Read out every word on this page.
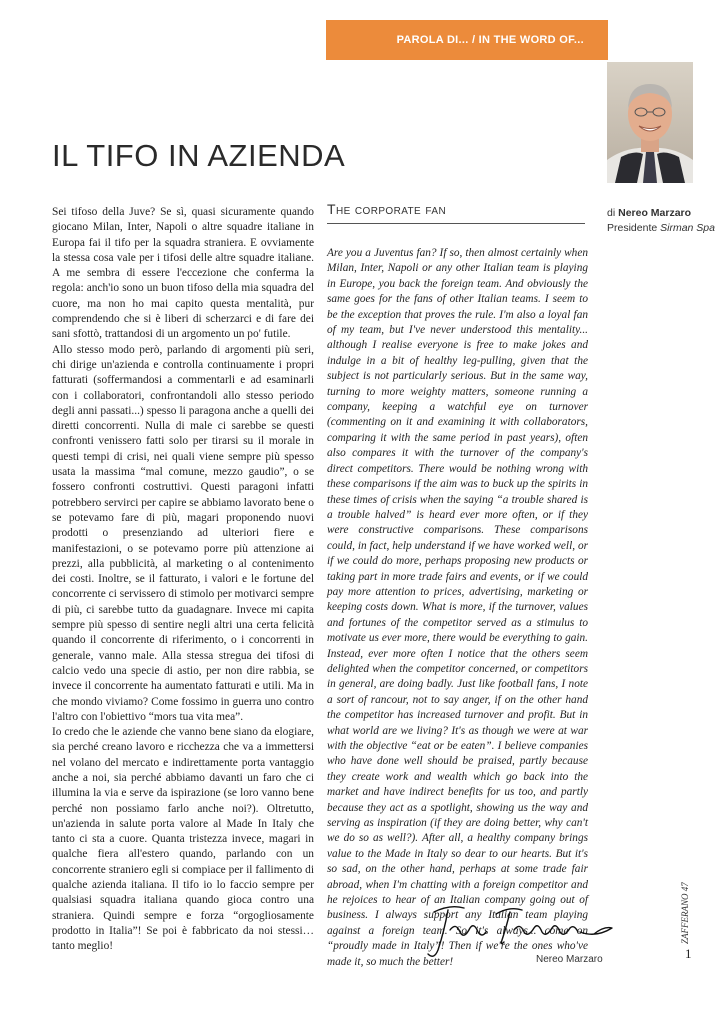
PAROLA DI... / IN THE WORD OF...
IL TIFO IN AZIENDA

Sei tifoso della Juve? Se sì, quasi sicuramente quando giocano Milan, Inter, Napoli o altre squadre italiane in Europa fai il tifo per la squadra straniera. E ovviamente la stessa cosa vale per i tifosi delle altre squadre italiane. A me sembra di essere l'eccezione che conferma la regola: anch'io sono un buon tifoso della mia squadra del cuore, ma non ho mai capito questa mentalità, pur comprendendo che si è liberi di scherzarci e di fare dei sani sfottò, trattandosi di un argomento un po' futile.

Allo stesso modo però, parlando di argomenti più seri, chi dirige un'azienda e controlla continuamente i propri fatturati (soffermandosi a commentarli e ad esaminarli con i collaboratori, confrontandoli allo stesso periodo degli anni passati...) spesso li paragona anche a quelli dei diretti concorrenti. Nulla di male ci sarebbe se questi confronti venissero fatti solo per tirarsi su il morale in questi tempi di crisi, nei quali viene sempre più spesso usata la massima “mal comune, mezzo gaudio”, o se fossero confronti costruttivi. Questi paragoni infatti potrebbero servirci per capire se abbiamo lavorato bene o se potevamo fare di più, magari proponendo nuovi prodotti o presenziando ad ulteriori fiere e manifestazioni, o se potevamo porre più attenzione ai prezzi, alla pubblicità, al marketing o al contenimento dei costi. Inoltre, se il fatturato, i valori e le fortune del concorrente ci servissero di stimolo per motivarci sempre di più, ci sarebbe tutto da guadagnare. Invece mi capita sempre più spesso di sentire negli altri una certa felicità quando il concorrente di riferimento, o i concorrenti in generale, vanno male. Alla stessa stregua dei tifosi di calcio vedo una specie di astio, per non dire rabbia, se invece il concorrente ha aumentato fatturati e utili. Ma in che mondo viviamo? Come fossimo in guerra uno contro l'altro con l'obiettivo “mors tua vita mea”.

Io credo che le aziende che vanno bene siano da elogiare, sia perché creano lavoro e ricchezza che va a immettersi nel volano del mercato e indirettamente porta vantaggio anche a noi, sia perché abbiamo davanti un faro che ci illumina la via e serve da ispirazione (se loro vanno bene perché non possiamo farlo anche noi?). Oltretutto, un'azienda in salute porta valore al Made In Italy che tanto ci sta a cuore. Quanta tristezza invece, magari in qualche fiera all'estero quando, parlando con un concorrente straniero egli si compiace per il fallimento di qualche azienda italiana. Il tifo io lo faccio sempre per qualsiasi squadra italiana quando gioca contro una straniera. Quindi sempre e forza “orgogliosamente prodotto in Italia”! Se poi è fabbricato da noi stessi… tanto meglio!

The corporate fan

Are you a Juventus fan? If so, then almost certainly when Milan, Inter, Napoli or any other Italian team is playing in Europe, you back the foreign team. And obviously the same goes for the fans of other Italian teams. I seem to be the exception that proves the rule. I'm also a loyal fan of my team, but I've never understood this mentality... although I realise everyone is free to make jokes and indulge in a bit of healthy leg-pulling, given that the subject is not particularly serious. But in the same way, turning to more weighty matters, someone running a company, keeping a watchful eye on turnover (commenting on it and examining it with collaborators, comparing it with the same period in past years), often also compares it with the turnover of the company's direct competitors. There would be nothing wrong with these comparisons if the aim was to buck up the spirits in these times of crisis when the saying “a trouble shared is a trouble halved” is heard ever more often, or if they were constructive comparisons. These comparisons could, in fact, help understand if we have worked well, or if we could do more, perhaps proposing new products or taking part in more trade fairs and events, or if we could pay more attention to prices, advertising, marketing or keeping costs down. What is more, if the turnover, values and fortunes of the competitor served as a stimulus to motivate us ever more, there would be everything to gain. Instead, ever more often I notice that the others seem delighted when the competitor concerned, or competitors in general, are doing badly. Just like football fans, I note a sort of rancour, not to say anger, if on the other hand the competitor has increased turnover and profit. But in what world are we living? It's as though we were at war with the objective “eat or be eaten”. I believe companies who have done well should be praised, partly because they create work and wealth which go back into the market and have indirect benefits for us too, and partly because they act as a spotlight, showing us the way and serving as inspiration (if they are doing better, why can't we do so as well?). After all, a healthy company brings value to the Made in Italy so dear to our hearts. But it's so sad, on the other hand, perhaps at some trade fair abroad, when I'm chatting with a foreign competitor and he rejoices to hear of an Italian company going out of business. I always support any Italian team playing against a foreign team. So it's always... come on “proudly made in Italy”! Then if we're the ones who've made it, so much the better!

di Nereo Marzaro
Presidente Sirman Spa
Nereo Marzaro
ZAFFERANO 47
1
